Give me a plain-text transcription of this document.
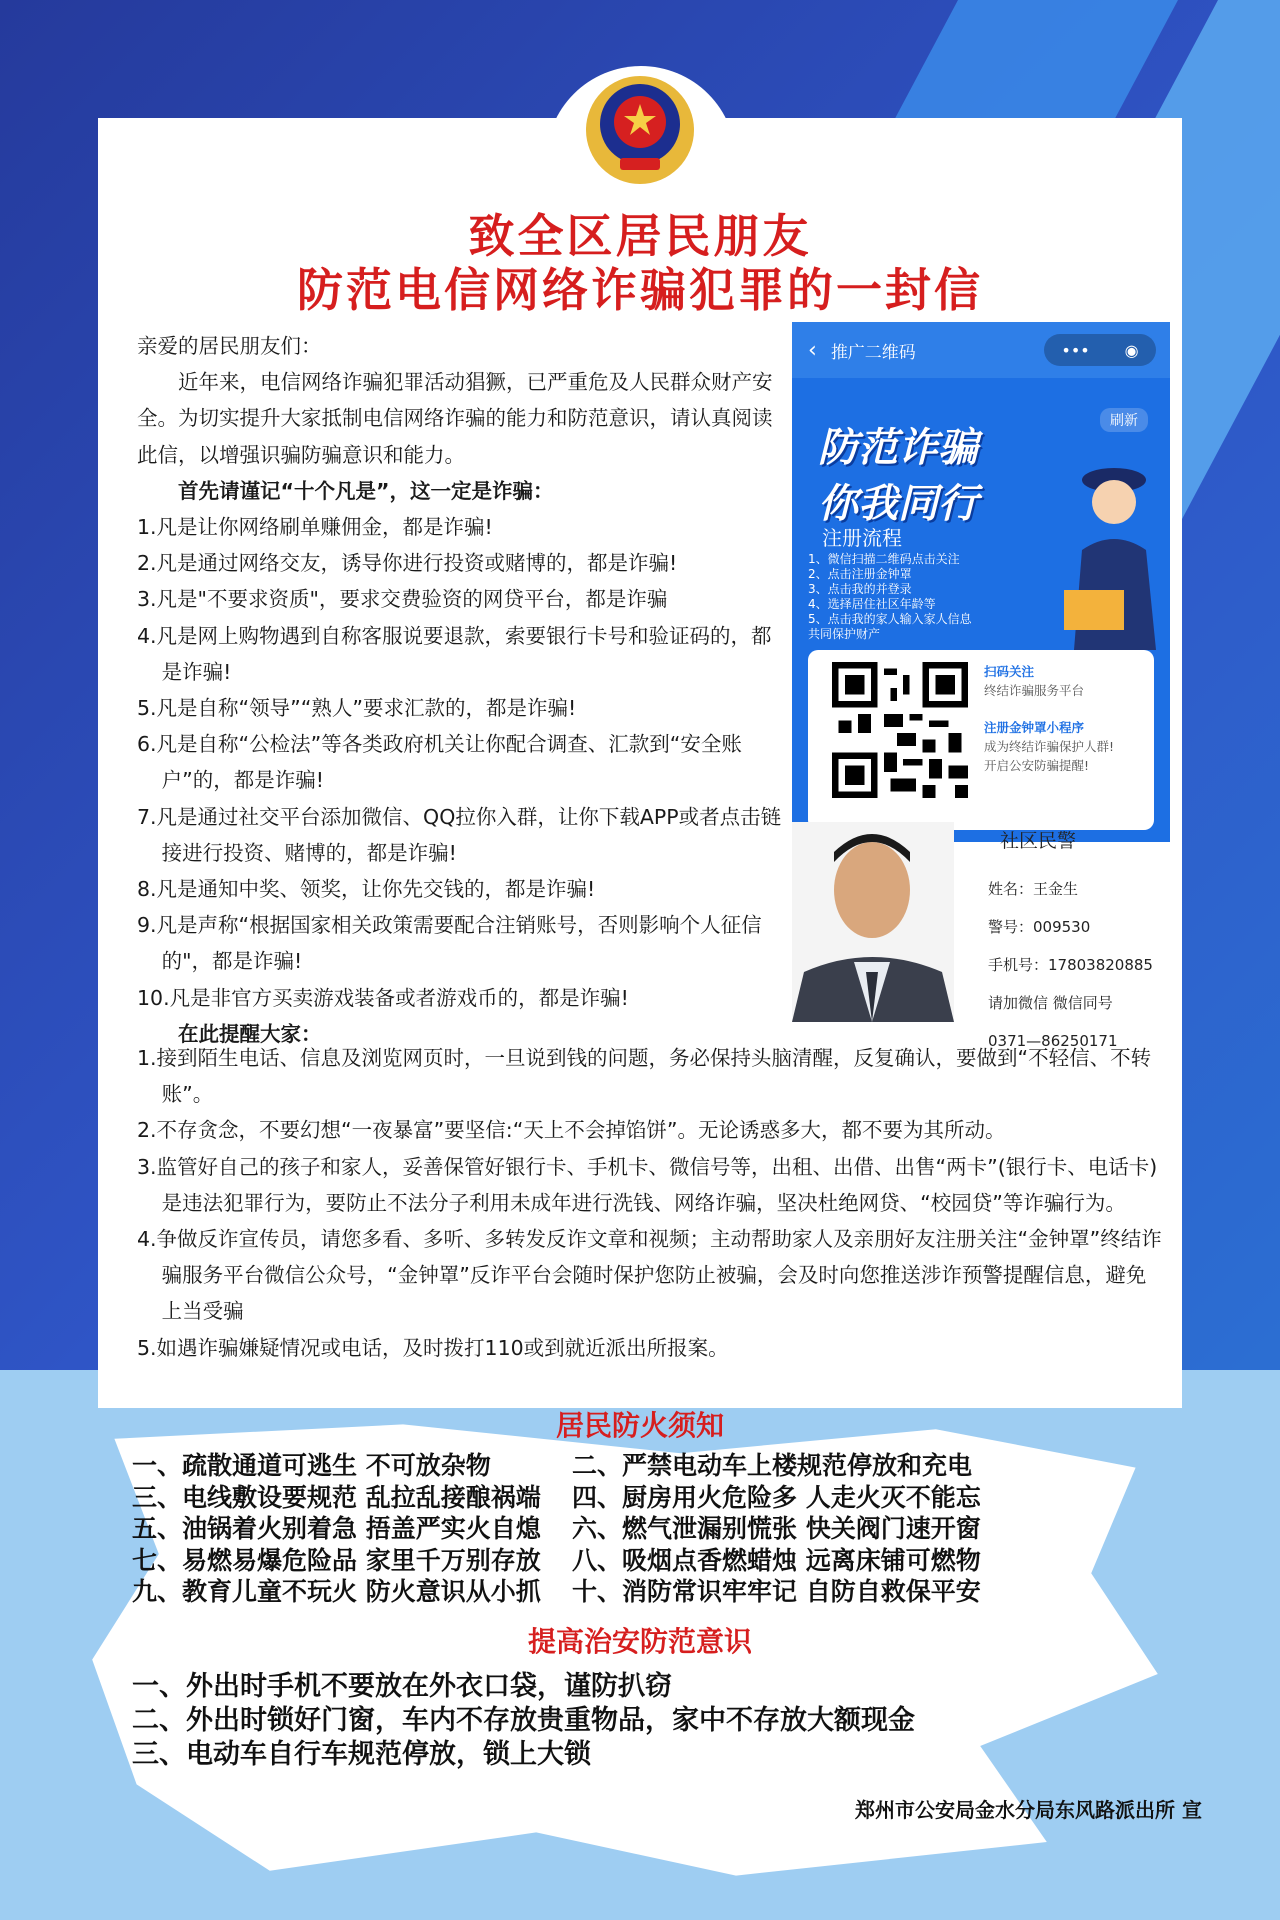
致全区居民朋友
防范电信网络诈骗犯罪的一封信

亲爱的居民朋友们：

近年来，电信网络诈骗犯罪活动猖獗，已严重危及人民群众财产安全。为切实提升大家抵制电信网络诈骗的能力和防范意识，请认真阅读此信，以增强识骗防骗意识和能力。

首先请谨记“十个凡是”，这一定是诈骗：

1.凡是让你网络刷单赚佣金，都是诈骗!

2.凡是通过网络交友，诱导你进行投资或赌博的，都是诈骗!

3.凡是"不要求资质"，要求交费验资的网贷平台，都是诈骗

4.凡是网上购物遇到自称客服说要退款，索要银行卡号和验证码的，都是诈骗!

5.凡是自称“领导”“熟人”要求汇款的，都是诈骗!

6.凡是自称“公检法”等各类政府机关让你配合调查、汇款到“安全账户”的，都是诈骗!

7.凡是通过社交平台添加微信、QQ拉你入群，让你下载APP或者点击链接进行投资、赌博的，都是诈骗!

8.凡是通知中奖、领奖，让你先交钱的，都是诈骗!

9.凡是声称“根据国家相关政策需要配合注销账号，否则影响个人征信的"，都是诈骗!

10.凡是非官方买卖游戏装备或者游戏币的，都是诈骗!

在此提醒大家：

1.接到陌生电话、信息及浏览网页时，一旦说到钱的问题，务必保持头脑清醒，反复确认，要做到“不轻信、不转账”。

2.不存贪念，不要幻想“一夜暴富”要坚信:“天上不会掉馅饼”。无论诱惑多大，都不要为其所动。

3.监管好自己的孩子和家人，妥善保管好银行卡、手机卡、微信号等，出租、出借、出售“两卡”(银行卡、电话卡)是违法犯罪行为，要防止不法分子利用未成年进行洗钱、网络诈骗，坚决杜绝网贷、“校园贷”等诈骗行为。

4.争做反诈宣传员，请您多看、多听、多转发反诈文章和视频；主动帮助家人及亲朋好友注册关注“金钟罩”终结诈骗服务平台微信公众号，“金钟罩”反诈平台会随时保护您防止被骗，会及时向您推送涉诈预警提醒信息，避免上当受骗

5.如遇诈骗嫌疑情况或电话，及时拨打110或到就近派出所报案。

‹ 推广二维码	••• ◉
刷新
防范诈骗
你我同行
注册流程
1、微信扫描二维码点击关注
2、点击注册金钟罩
3、点击我的并登录
4、选择居住社区年龄等
5、点击我的家人输入家人信息
共同保护财产
扫码关注
终结诈骗服务平台
注册金钟罩小程序
成为终结诈骗保护人群!
开启公安防骗提醒!
社区民警

姓名：王金生

警号：009530

手机号：17803820885

请加微信 微信同号

0371—86250171

居民防火须知

一、疏散通道可逃生 不可放杂物	二、严禁电动车上楼规范停放和充电

三、电线敷设要规范 乱拉乱接酿祸端 四、厨房用火危险多 人走火灭不能忘

五、油锅着火别着急 捂盖严实火自熄 六、燃气泄漏别慌张 快关阀门速开窗

七、易燃易爆危险品 家里千万别存放 八、吸烟点香燃蜡烛 远离床铺可燃物

九、教育儿童不玩火 防火意识从小抓 十、消防常识牢牢记 自防自救保平安

提高治安防范意识

一、外出时手机不要放在外衣口袋，谨防扒窃

二、外出时锁好门窗，车内不存放贵重物品，家中不存放大额现金

三、电动车自行车规范停放，锁上大锁

郑州市公安局金水分局东风路派出所 宣
